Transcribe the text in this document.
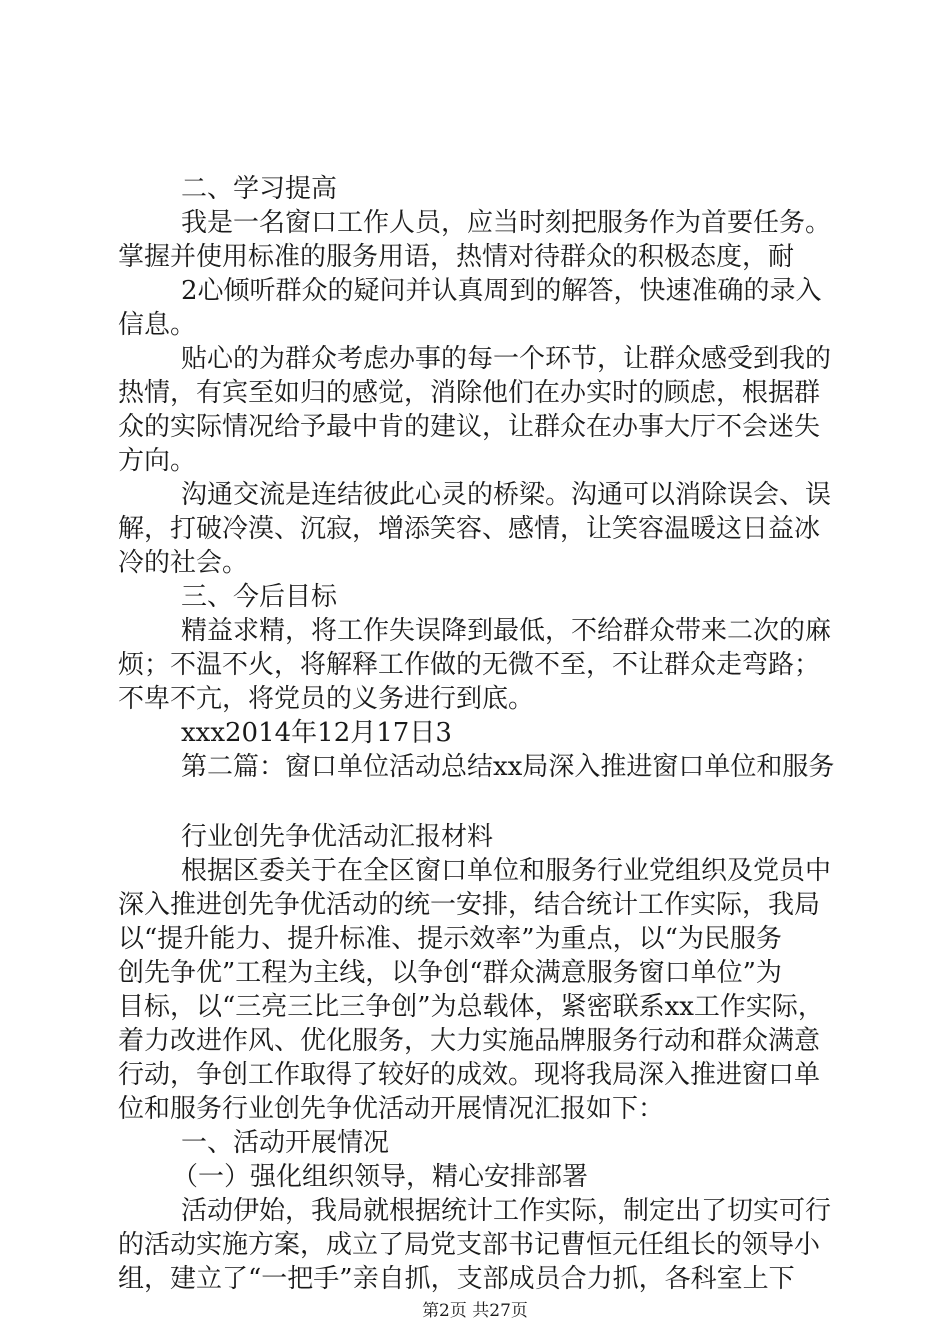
二、学习提高

我是一名窗口工作人员，应当时刻把服务作为首要任务。

掌握并使用标准的服务用语，热情对待群众的积极态度，耐

2心倾听群众的疑问并认真周到的解答，快速准确的录入

信息。

贴心的为群众考虑办事的每一个环节，让群众感受到我的

热情，有宾至如归的感觉，消除他们在办实时的顾虑，根据群

众的实际情况给予最中肯的建议，让群众在办事大厅不会迷失

方向。

沟通交流是连结彼此心灵的桥梁。沟通可以消除误会、误

解，打破冷漠、沉寂，增添笑容、感情，让笑容温暖这日益冰

冷的社会。

三、今后目标

精益求精，将工作失误降到最低，不给群众带来二次的麻

烦；不温不火，将解释工作做的无微不至，不让群众走弯路；

不卑不亢，将党员的义务进行到底。

xxx2014年12月17日3

第二篇：窗口单位活动总结xx局深入推进窗口单位和服务

行业创先争优活动汇报材料

根据区委关于在全区窗口单位和服务行业党组织及党员中

深入推进创先争优活动的统一安排，结合统计工作实际，我局

以“提升能力、提升标准、提示效率”为重点，以“为民服务

创先争优”工程为主线，以争创“群众满意服务窗口单位”为

目标，以“三亮三比三争创”为总载体，紧密联系xx工作实际，

着力改进作风、优化服务，大力实施品牌服务行动和群众满意

行动，争创工作取得了较好的成效。现将我局深入推进窗口单

位和服务行业创先争优活动开展情况汇报如下：

一、活动开展情况

（一）强化组织领导，精心安排部署

活动伊始，我局就根据统计工作实际，制定出了切实可行

的活动实施方案，成立了局党支部书记曹恒元任组长的领导小

组，建立了“一把手”亲自抓，支部成员合力抓，各科室上下

第2页 共27页
